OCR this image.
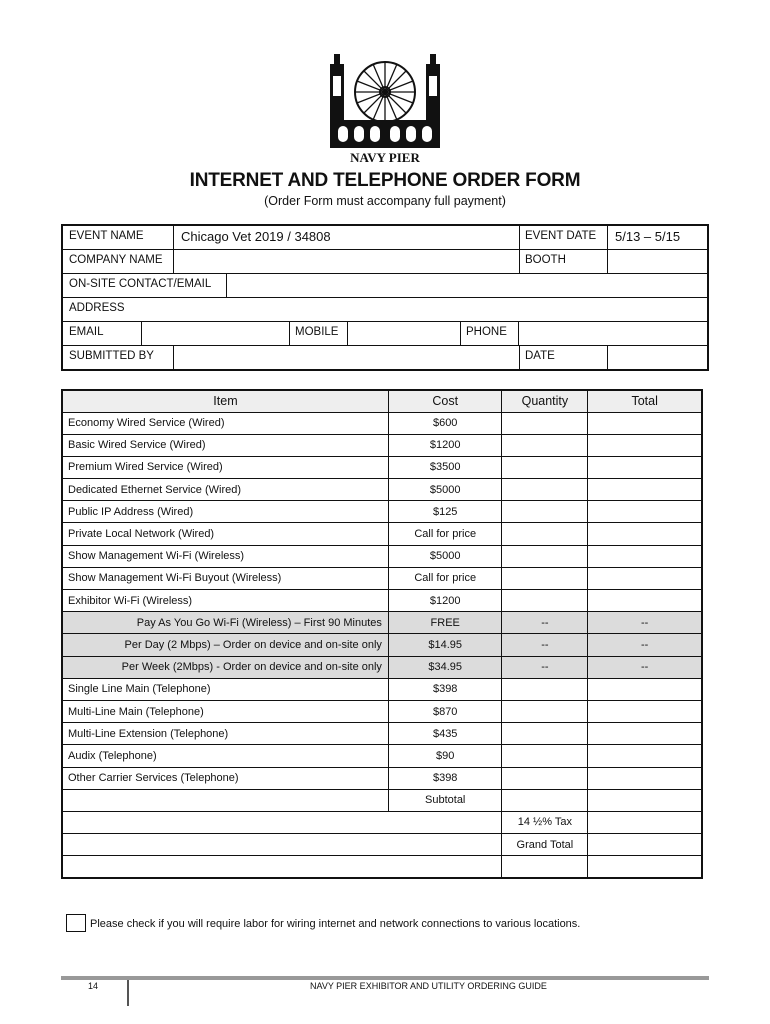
NAVY PIER
INTERNET AND TELEPHONE ORDER FORM
(Order Form must accompany full payment)
EVENT NAME	Chicago Vet 2019 / 34808	EVENT DATE	5/13 – 5/15
COMPANY NAME	BOOTH
ON-SITE CONTACT/EMAIL
ADDRESS
EMAIL	MOBILE	PHONE
SUBMITTED BY	DATE
Item	Cost	Quantity	Total
Economy Wired Service (Wired)	$600		
Basic Wired Service (Wired)	$1200		
Premium Wired Service (Wired)	$3500		
Dedicated Ethernet Service (Wired)	$5000		
Public IP Address (Wired)	$125		
Private Local Network (Wired)	Call for price		
Show Management Wi-Fi (Wireless)	$5000		
Show Management Wi-Fi Buyout (Wireless)	Call for price		
Exhibitor Wi-Fi (Wireless)	$1200		
Pay As You Go Wi-Fi (Wireless) – First 90 Minutes	FREE	--	--
Per Day (2 Mbps) – Order on device and on-site only	$14.95	--	--
Per Week (2Mbps) - Order on device and on-site only	$34.95	--	--
Single Line Main (Telephone)	$398		
Multi-Line Main (Telephone)	$870		
Multi-Line Extension (Telephone)	$435		
Audix (Telephone)	$90		
Other Carrier Services (Telephone)	$398		
	Subtotal		
		14 ½% Tax	
		Grand Total	

Please check if you will require labor for wiring internet and network connections to various locations.
14	NAVY PIER EXHIBITOR AND UTILITY ORDERING GUIDE
